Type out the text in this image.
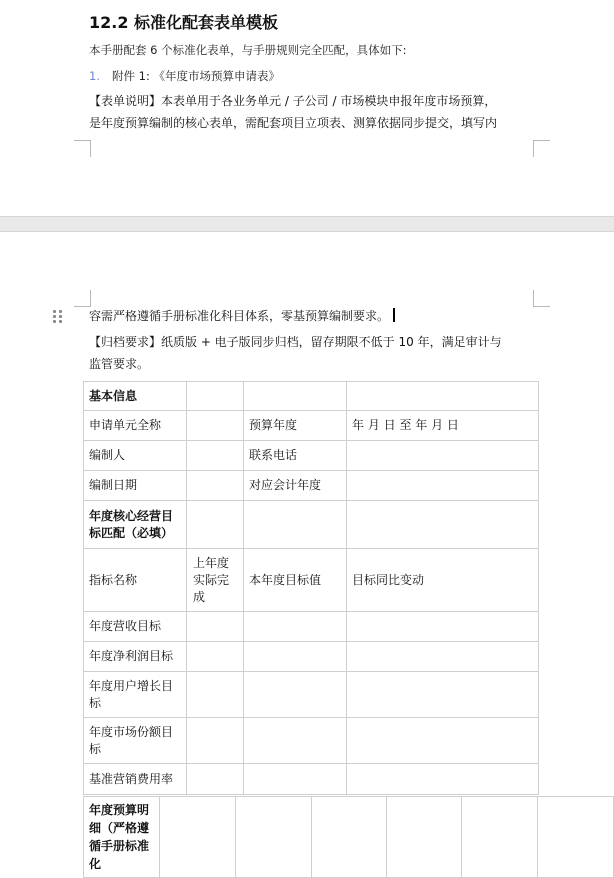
12.2 标准化配套表单模板
本手册配套 6 个标准化表单，与手册规则完全匹配，具体如下:
1. 附件 1: 《年度市场预算申请表》
【表单说明】本表单用于各业务单元 / 子公司 / 市场模块申报年度市场预算，
是年度预算编制的核心表单，需配套项目立项表、测算依据同步提交，填写内
容需严格遵循手册标准化科目体系，零基预算编制要求。
【归档要求】纸质版 + 电子版同步归档，留存期限不低于 10 年，满足审计与
监管要求。
基本信息			
申请单元全称		预算年度	年 月 日 至 年 月 日
编制人		联系电话	
编制日期		对应会计年度	
年度核心经营目标匹配（必填）			
指标名称	上年度实际完成	本年度目标值	目标同比变动
年度营收目标			
年度净利润目标			
年度用户增长目标			
年度市场份额目标			
基准营销费用率			
年度预算明细（严格遵循手册标准化						
